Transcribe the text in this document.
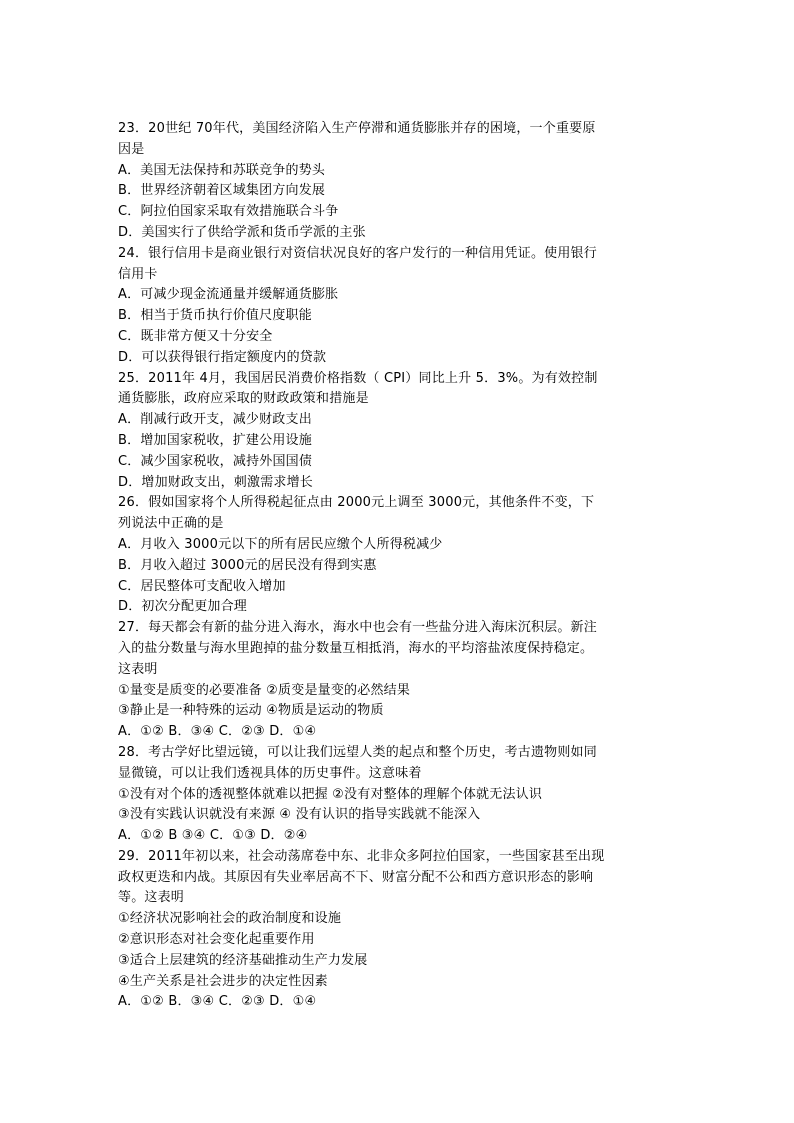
23．20世纪 70年代，美国经济陷入生产停滞和通货膨胀并存的困境，一个重要原
因是
A．美国无法保持和苏联竞争的势头
B．世界经济朝着区域集团方向发展
C．阿拉伯国家采取有效措施联合斗争
D．美国实行了供给学派和货币学派的主张
24．银行信用卡是商业银行对资信状况良好的客户发行的一种信用凭证。使用银行
信用卡
A．可减少现金流通量并缓解通货膨胀
B．相当于货币执行价值尺度职能
C．既非常方便又十分安全
D．可以获得银行指定额度内的贷款
25．2011年 4月，我国居民消费价格指数（ CPI）同比上升 5．3%。为有效控制
通货膨胀，政府应采取的财政政策和措施是
A．削减行政开支，减少财政支出
B．增加国家税收，扩建公用设施
C．减少国家税收，减持外国国债
D．增加财政支出，刺激需求增长
26．假如国家将个人所得税起征点由 2000元上调至 3000元，其他条件不变，下
列说法中正确的是
A．月收入 3000元以下的所有居民应缴个人所得税减少
B．月收入超过 3000元的居民没有得到实惠
C．居民整体可支配收入增加
D．初次分配更加合理
27．每天都会有新的盐分进入海水，海水中也会有一些盐分进入海床沉积层。新注
入的盐分数量与海水里跑掉的盐分数量互相抵消，海水的平均溶盐浓度保持稳定。
这表明
①量变是质变的必要准备 ②质变是量变的必然结果
③静止是一种特殊的运动 ④物质是运动的物质
A．①② B．③④ C．②③ D．①④
28．考古学好比望远镜，可以让我们远望人类的起点和整个历史，考古遗物则如同
显微镜，可以让我们透视具体的历史事件。这意味着
①没有对个体的透视整体就难以把握 ②没有对整体的理解个体就无法认识
③没有实践认识就没有来源 ④ 没有认识的指导实践就不能深入
A．①② B ③④ C．①③ D．②④
29．2011年初以来，社会动荡席卷中东、北非众多阿拉伯国家，一些国家甚至出现
政权更迭和内战。其原因有失业率居高不下、财富分配不公和西方意识形态的影响
等。这表明
①经济状况影响社会的政治制度和设施
②意识形态对社会变化起重要作用
③适合上层建筑的经济基础推动生产力发展
④生产关系是社会进步的决定性因素
A．①② B．③④ C．②③ D．①④
